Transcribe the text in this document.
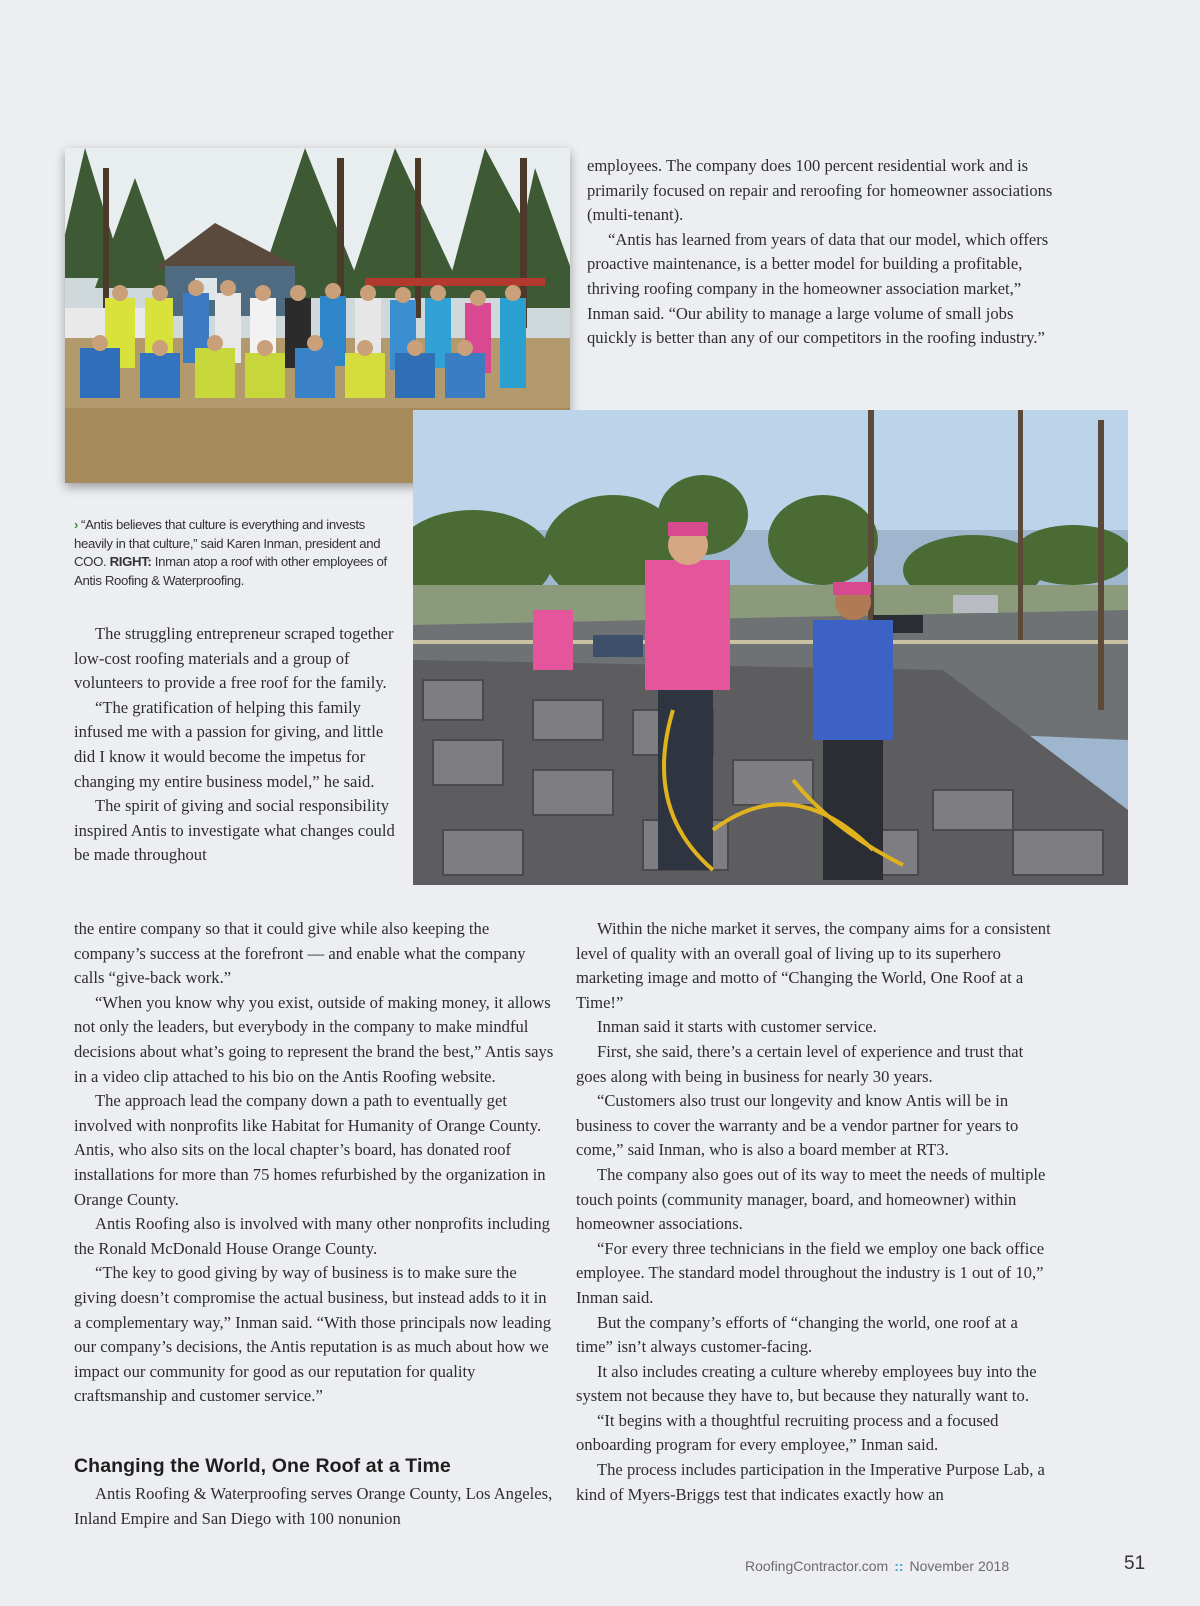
employees. The company does 100 percent residential work and is primarily focused on repair and reroofing for homeowner associations (multi-tenant).

“Antis has learned from years of data that our model, which offers proactive maintenance, is a better model for building a profitable, thriving roofing company in the homeowner association market,” Inman said. “Our ability to manage a large volume of small jobs quickly is better than any of our competitors in the roofing industry.”

› “Antis believes that culture is everything and invests heavily in that culture,” said Karen Inman, president and COO. RIGHT: Inman atop a roof with other employees of Antis Roofing & Waterproofing.

The struggling entrepreneur scraped together low-cost roofing materials and a group of volunteers to provide a free roof for the family.

“The gratification of helping this family infused me with a passion for giving, and little did I know it would become the impetus for changing my entire business model,” he said.

The spirit of giving and social responsibility inspired Antis to investigate what changes could be made throughout

the entire company so that it could give while also keeping the company’s success at the forefront — and enable what the company calls “give-back work.”

“When you know why you exist, outside of making money, it allows not only the leaders, but everybody in the company to make mindful decisions about what’s going to represent the brand the best,” Antis says in a video clip attached to his bio on the Antis Roofing website.

The approach lead the company down a path to eventually get involved with nonprofits like Habitat for Humanity of Orange County. Antis, who also sits on the local chapter’s board, has donated roof installations for more than 75 homes refurbished by the organization in Orange County.

Antis Roofing also is involved with many other nonprofits including the Ronald McDonald House Orange County.

“The key to good giving by way of business is to make sure the giving doesn’t compromise the actual business, but instead adds to it in a complementary way,” Inman said. “With those principals now leading our company’s decisions, the Antis reputation is as much about how we impact our community for good as our reputation for quality craftsmanship and customer service.”

Changing the World, One Roof at a Time

Antis Roofing & Waterproofing serves Orange County, Los Angeles, Inland Empire and San Diego with 100 nonunion

Within the niche market it serves, the company aims for a consistent level of quality with an overall goal of living up to its superhero marketing image and motto of “Changing the World, One Roof at a Time!”

Inman said it starts with customer service.

First, she said, there’s a certain level of experience and trust that goes along with being in business for nearly 30 years.

“Customers also trust our longevity and know Antis will be in business to cover the warranty and be a vendor partner for years to come,” said Inman, who is also a board member at RT3.

The company also goes out of its way to meet the needs of multiple touch points (community manager, board, and homeowner) within homeowner associations.

“For every three technicians in the field we employ one back office employee. The standard model throughout the industry is 1 out of 10,” Inman said.

But the company’s efforts of “changing the world, one roof at a time” isn’t always customer-facing.

It also includes creating a culture whereby employees buy into the system not because they have to, but because they naturally want to.

“It begins with a thoughtful recruiting process and a focused onboarding program for every employee,” Inman said.

The process includes participation in the Imperative Purpose Lab, a kind of Myers-Briggs test that indicates exactly how an

RoofingContractor.com :: November 2018	51
